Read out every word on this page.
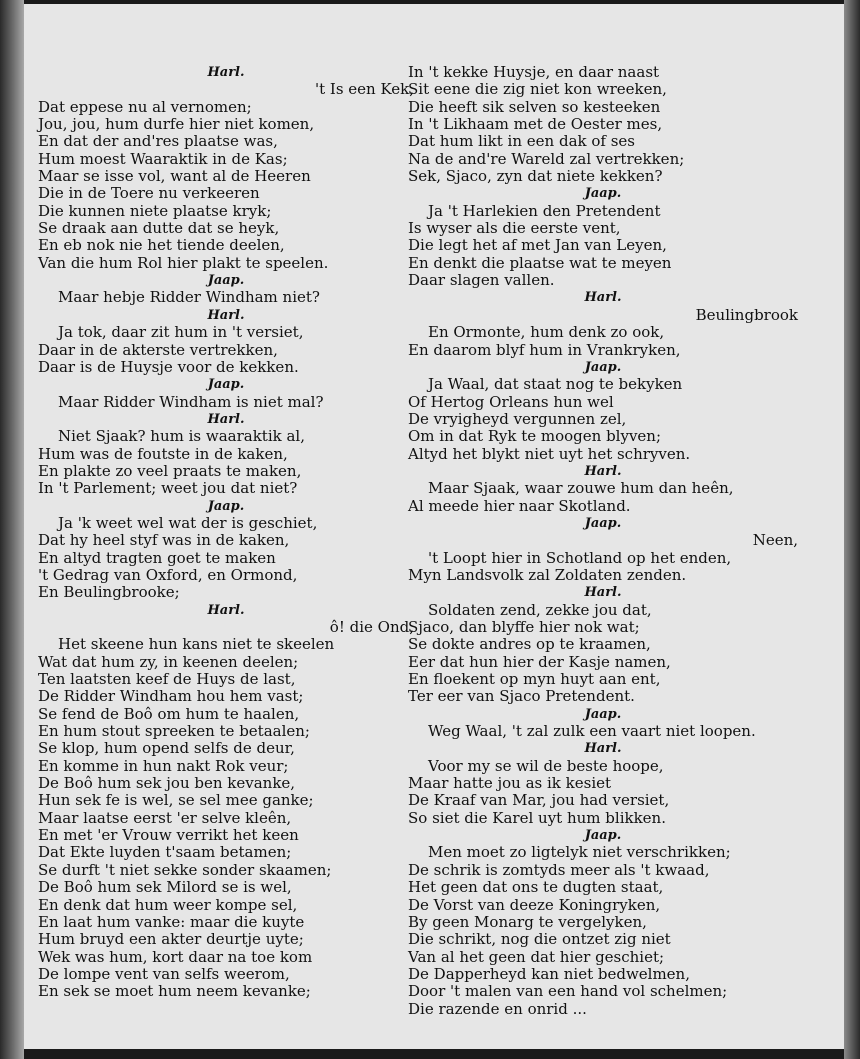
Harl.
't Is een Kek,
Dat eppese nu al vernomen;
Jou, jou, hum durfe hier niet komen,
En dat der and'res plaatse was,
Hum moest Waaraktik in de Kas;
Maar se isse vol, want al de Heeren
Die in de Toere nu verkeeren
Die kunnen niete plaatse kryk;
Se draak aan dutte dat se heyk,
En eb nok nie het tiende deelen,
Van die hum Rol hier plakt te speelen.
Jaap.
Maar hebje Ridder Windham niet?
Harl.
Ja tok, daar zit hum in 't versiet,
Daar in de akterste vertrekken,
Daar is de Huysje voor de kekken.
Jaap.
Maar Ridder Windham is niet mal?
Harl.
Niet Sjaak? hum is waaraktik al,
Hum was de foutste in de kaken,
En plakte zo veel praats te maken,
In 't Parlement; weet jou dat niet?
Jaap.
Ja 'k weet wel wat der is geschiet,
Dat hy heel styf was in de kaken,
En altyd tragten goet te maken
't Gedrag van Oxford, en Ormond,
En Beulingbrooke;
Harl.
ô! die Ond,
Het skeene hun kans niet te skeelen
Wat dat hum zy, in keenen deelen;
Ten laatsten keef de Huys de last,
De Ridder Windham hou hem vast;
Se fend de Boô om hum te haalen,
En hum stout spreeken te betaalen;
Se klop, hum opend selfs de deur,
En komme in hun nakt Rok veur;
De Boô hum sek jou ben kevanke,
Hun sek fe is wel, se sel mee ganke;
Maar laatse eerst 'er selve kleên,
En met 'er Vrouw verrikt het keen
Dat Ekte luyden t'saam betamen;
Se durft 't niet sekke sonder skaamen;
De Boô hum sek Milord se is wel,
En denk dat hum weer kompe sel,
En laat hum vanke: maar die kuyte
Hum bruyd een akter deurtje uyte;
Wek was hum, kort daar na toe kom
De lompe vent van selfs weerom,
En sek se moet hum neem kevanke;
In 't kekke Huysje, en daar naast
Sit eene die zig niet kon wreeken,
Die heeft sik selven so kesteeken
In 't Likhaam met de Oester mes,
Dat hum likt in een dak of ses
Na de and're Wareld zal vertrekken;
Sek, Sjaco, zyn dat niete kekken?
Jaap.
Ja 't Harlekien den Pretendent
Is wyser als die eerste vent,
Die legt het af met Jan van Leyen,
En denkt die plaatse wat te meyen
Daar slagen vallen.
Harl.
Beulingbrook
En Ormonte, hum denk zo ook,
En daarom blyf hum in Vrankryken,
Jaap.
Ja Waal, dat staat nog te bekyken
Of Hertog Orleans hun wel
De vryigheyd vergunnen zel,
Om in dat Ryk te moogen blyven;
Altyd het blykt niet uyt het schryven.
Harl.
Maar Sjaak, waar zouwe hum dan heên,
Al meede hier naar Skotland.
Jaap.
Neen,
't Loopt hier in Schotland op het enden,
Myn Landsvolk zal Zoldaten zenden.
Harl.
Soldaten zend, zekke jou dat,
Sjaco, dan blyffe hier nok wat;
Se dokte andres op te kraamen,
Eer dat hun hier der Kasje namen,
En floekent op myn huyt aan ent,
Ter eer van Sjaco Pretendent.
Jaap.
Weg Waal, 't zal zulk een vaart niet loopen.
Harl.
Voor my se wil de beste hoope,
Maar hatte jou as ik kesiet
De Kraaf van Mar, jou had versiet,
So siet die Karel uyt hum blikken.
Jaap.
Men moet zo ligtelyk niet verschrikken;
De schrik is zomtyds meer als 't kwaad,
Het geen dat ons te dugten staat,
De Vorst van deeze Koningryken,
By geen Monarg te vergelyken,
Die schrikt, nog die ontzet zig niet
Van al het geen dat hier geschiet;
De Dapperheyd kan niet bedwelmen,
Door 't malen van een hand vol schelmen;
Die razende en onrid ...
